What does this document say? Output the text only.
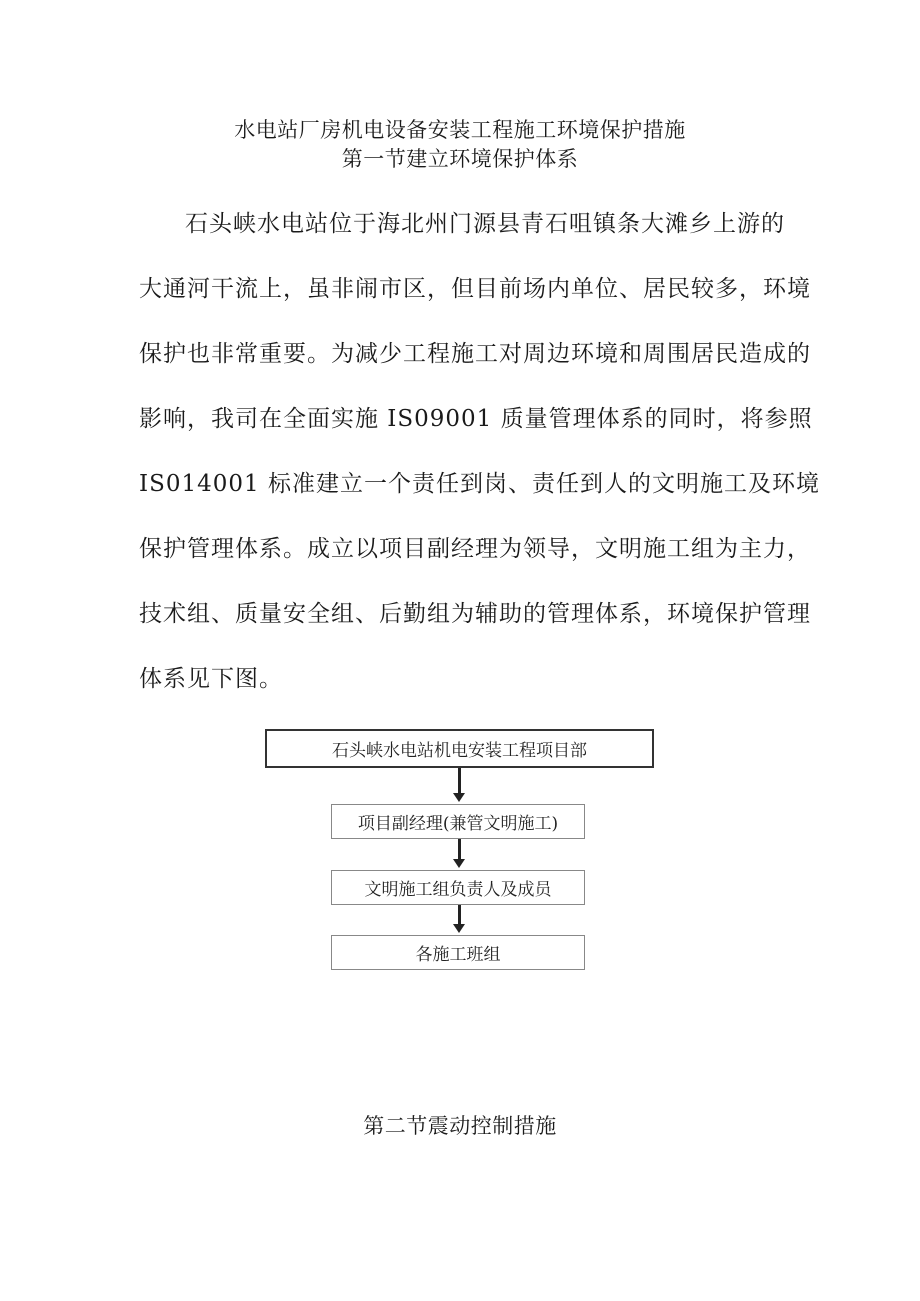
水电站厂房机电设备安装工程施工环境保护措施
第一节建立环境保护体系
石头峡水电站位于海北州门源县青石咀镇条大滩乡上游的
大通河干流上，虽非闹市区，但目前场内单位、居民较多，环境
保护也非常重要。为减少工程施工对周边环境和周围居民造成的
影响，我司在全面实施 IS09001 质量管理体系的同时，将参照
IS014001 标准建立一个责任到岗、责任到人的文明施工及环境
保护管理体系。成立以项目副经理为领导，文明施工组为主力，
技术组、质量安全组、后勤组为辅助的管理体系，环境保护管理
体系见下图。
石头峡水电站机电安装工程项目部
项目副经理(兼管文明施工)
文明施工组负责人及成员
各施工班组
第二节震动控制措施
